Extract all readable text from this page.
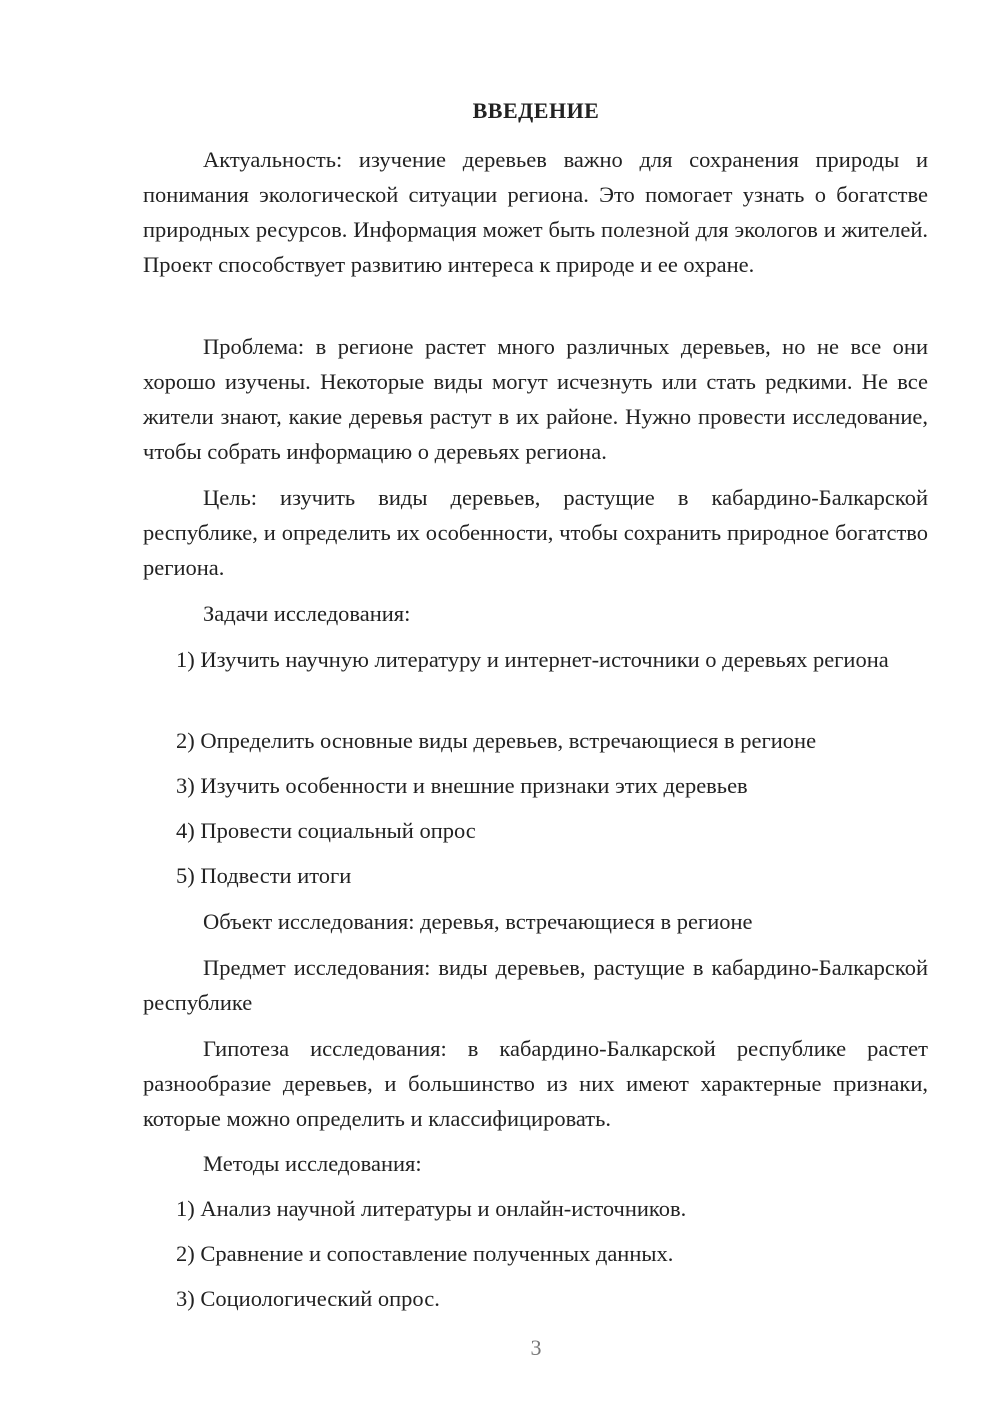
ВВЕДЕНИЕ

Актуальность: изучение деревьев важно для сохранения природы и понимания экологической ситуации региона. Это помогает узнать о богатстве природных ресурсов. Информация может быть полезной для экологов и жителей. Проект способствует развитию интереса к природе и ее охране.

Проблема: в регионе растет много различных деревьев, но не все они хорошо изучены. Некоторые виды могут исчезнуть или стать редкими. Не все жители знают, какие деревья растут в их районе. Нужно провести исследование, чтобы собрать информацию о деревьях региона.

Цель: изучить виды деревьев, растущие в кабардино-Балкарской республике, и определить их особенности, чтобы сохранить природное богатство региона.

Задачи исследования:

1) Изучить научную литературу и интернет-источники о деревьях региона

2) Определить основные виды деревьев, встречающиеся в регионе

3) Изучить особенности и внешние признаки этих деревьев

4) Провести социальный опрос

5) Подвести итоги

Объект исследования: деревья, встречающиеся в регионе

Предмет исследования: виды деревьев, растущие в кабардино-Балкарской республике

Гипотеза исследования: в кабардино-Балкарской республике растет разнообразие деревьев, и большинство из них имеют характерные признаки, которые можно определить и классифицировать.

Методы исследования:

1) Анализ научной литературы и онлайн-источников.

2) Сравнение и сопоставление полученных данных.

3) Социологический опрос.

3
